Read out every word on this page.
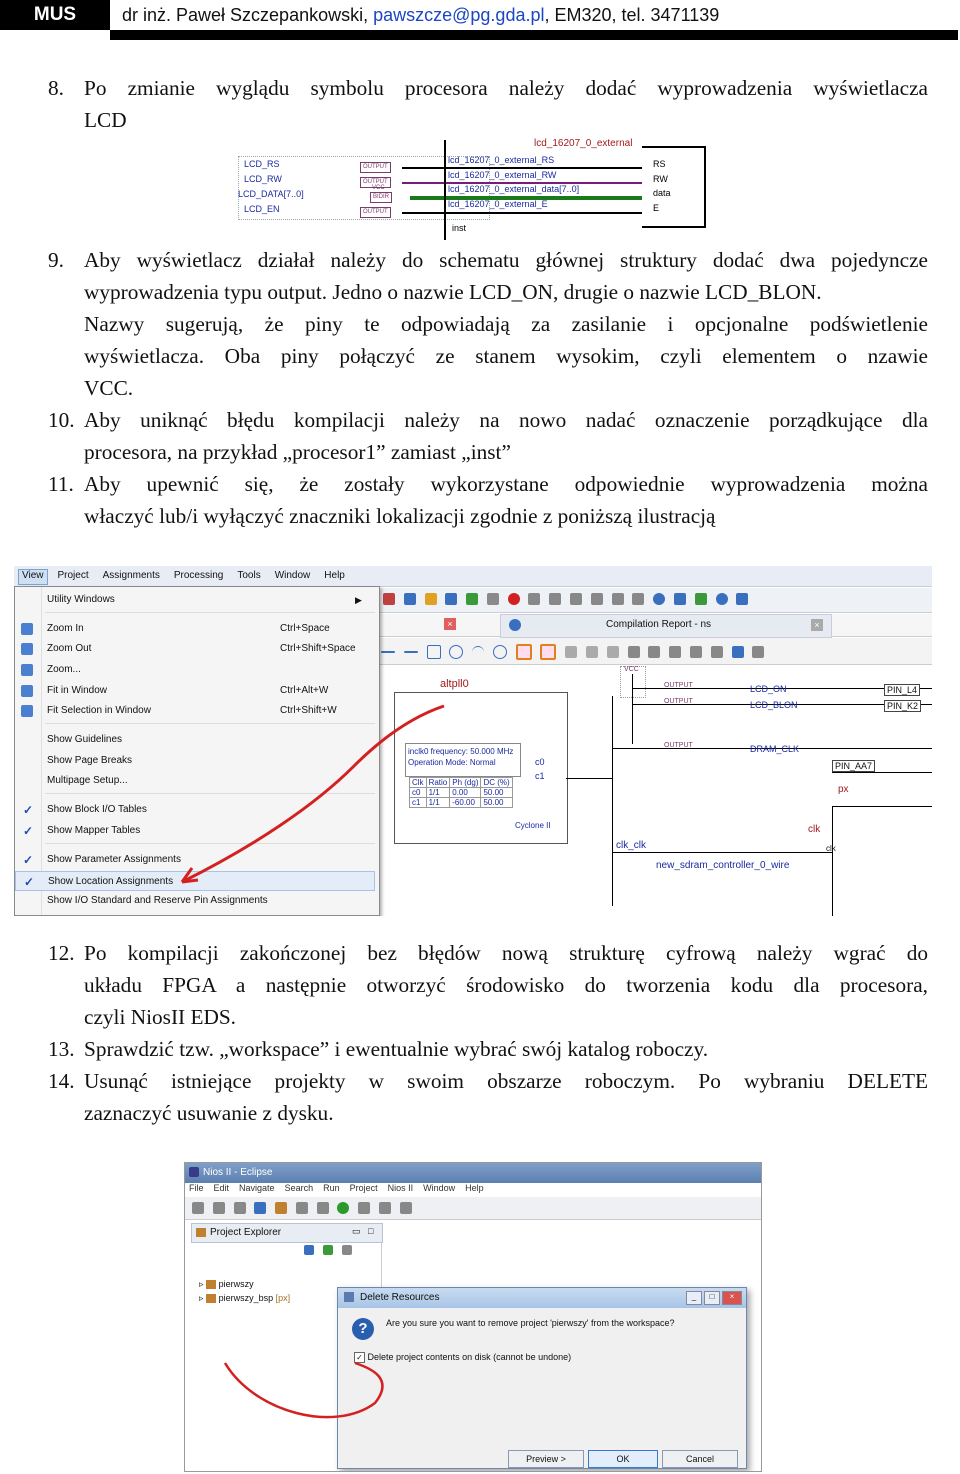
MUS	dr inż. Paweł Szczepankowski, pawszcze@pg.gda.pl, EM320, tel. 3471139
8. Po zmianie wyglądu symbolu procesora należy dodać wyprowadzenia wyświetlacza
LCD
LCD_RS
LCD_RW
LCD_DATA[7..0]
LCD_EN
OUTPUT
OUTPUT
VCC
BIDIR
OUTPUT
lcd_16207_0_external
lcd_16207_0_external_RS
lcd_16207_0_external_RW
lcd_16207_0_external_data[7..0]
lcd_16207_0_external_E
RS
RW
data
E
inst
9. Aby wyświetlacz działał należy do schematu głównej struktury dodać dwa pojedyncze
wyprowadzenia typu output. Jedno o nazwie LCD_ON, drugie o nazwie LCD_BLON.
Nazwy sugerują, że piny te odpowiadają za zasilanie i opcjonalne podświetlenie
wyświetlacza. Oba piny połączyć ze stanem wysokim, czyli elementem o nzawie
VCC.
10. Aby uniknąć błędu kompilacji należy na nowo nadać oznaczenie porządkujące dla
procesora, na przykład „procesor1” zamiast „inst”
11. Aby upewnić się, że zostały wykorzystane odpowiednie wyprowadzenia można
właczyć lub/i wyłączyć znaczniki lokalizacji zgodnie z poniższą ilustracją
View Project Assignments Processing Tools Window Help

×	Compilation Report - ns	×

inclk0 frequency: 50.000 MHz
Operation Mode: Normal
Clk	Ratio	Ph (dg)	DC (%)
c0	1/1	0.00	50.00
c1	1/1	-60.00	50.00
c0
c1
Cyclone II
altpll0
VCC
OUTPUT
OUTPUT
OUTPUT
LCD_ON
LCD_BLON
DRAM_CLK
PIN_L4
PIN_K2
PIN_AA7
px
clk
clk
clk_clk
new_sdram_controller_0_wire
Utility Windows	▶
Zoom In	Ctrl+Space
Zoom Out	Ctrl+Shift+Space
Zoom...
Fit in Window	Ctrl+Alt+W
Fit Selection in Window	Ctrl+Shift+W
Show Guidelines
Show Page Breaks
Multipage Setup...
✓ Show Block I/O Tables
✓ Show Mapper Tables
✓ Show Parameter Assignments
✓ Show Location Assignments
Show I/O Standard and Reserve Pin Assignments
12. Po kompilacji zakończonej bez błędów nową strukturę cyfrową należy wgrać do
układu FPGA a następnie otworzyć środowisko do tworzenia kodu dla procesora,
czyli NiosII EDS.
13. Sprawdzić tzw. „workspace” i ewentualnie wybrać swój katalog roboczy.
14. Usunąć istniejące projekty w swoim obszarze roboczym. Po wybraniu DELETE
zaznaczyć usuwanie z dysku.
Nios II - Eclipse
File Edit Navigate Search Run Project Nios II Window Help

Project Explorer	▭ □

▹ pierwszy
▹ pierwszy_bsp [px]	Delete Resources	_	□	×
?	Are you sure you want to remove project 'pierwszy' from the workspace?
✓ Delete project contents on disk (cannot be undone)
Preview >	OK	Cancel
